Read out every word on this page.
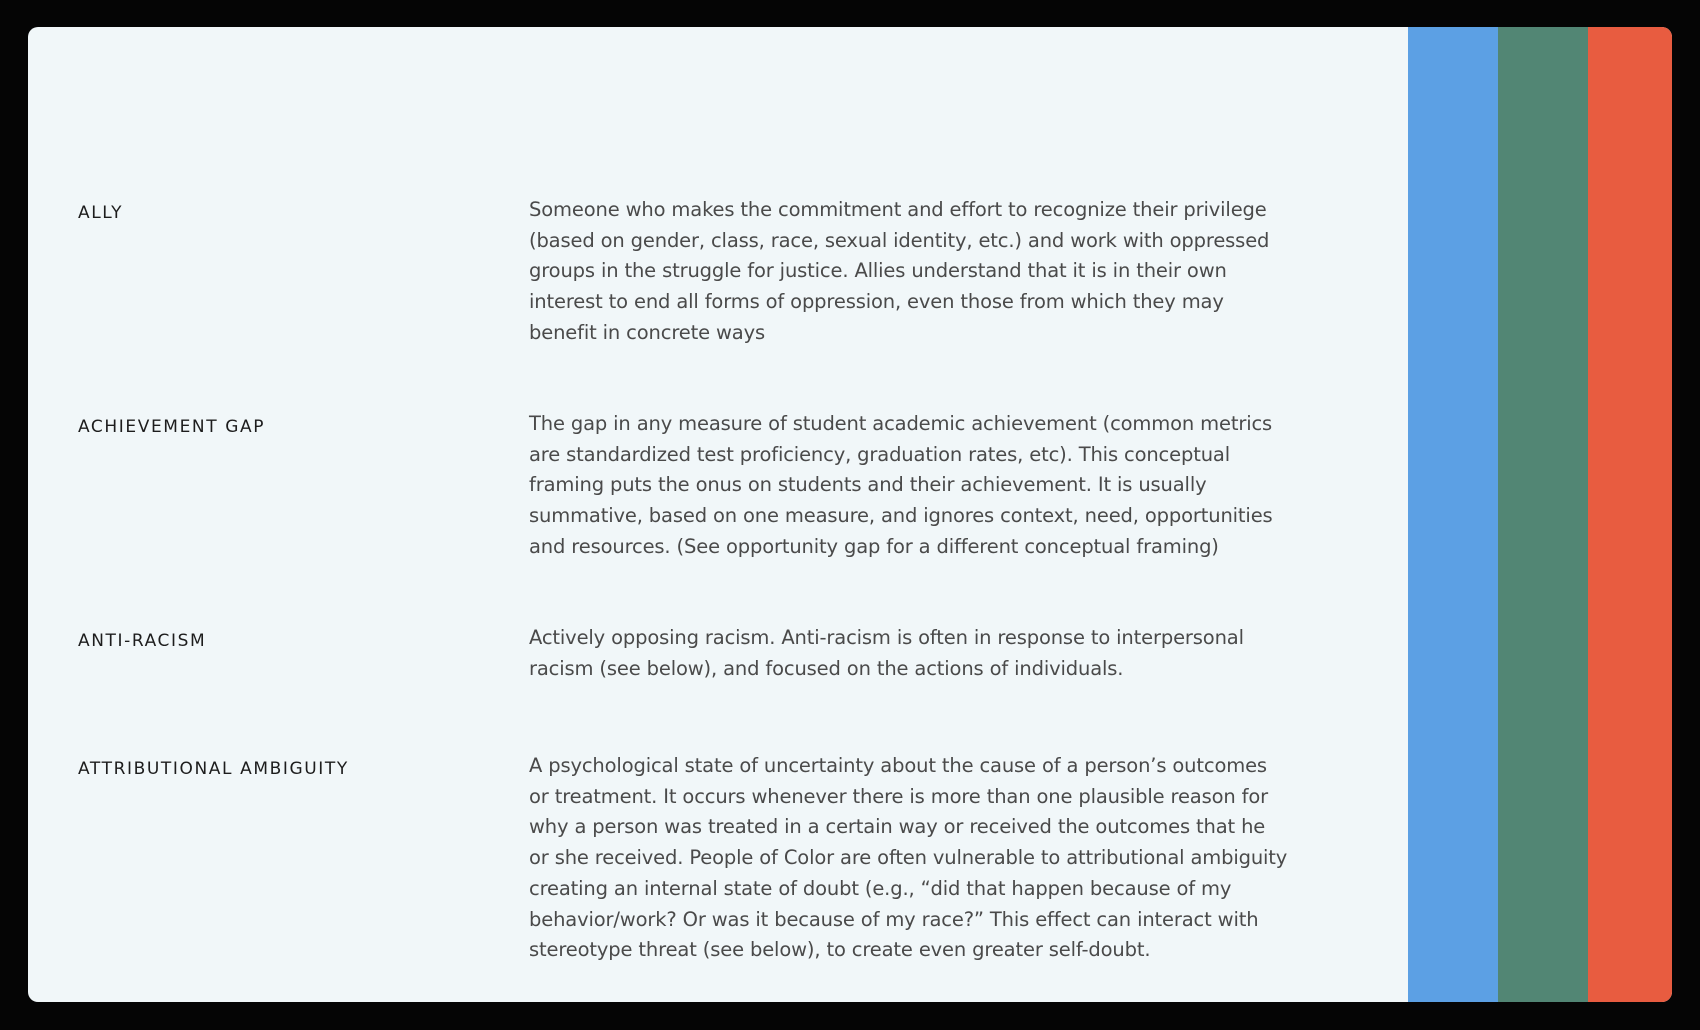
ALLY	Someone who makes the commitment and effort to recognize their privilege (based on gender, class, race, sexual identity, etc.) and work with oppressed groups in the struggle for justice. Allies understand that it is in their own interest to end all forms of oppression, even those from which they may benefit in concrete ways

ACHIEVEMENT GAP	The gap in any measure of student academic achievement (common metrics are standardized test proficiency, graduation rates, etc). This conceptual framing puts the onus on students and their achievement. It is usually summative, based on one measure, and ignores context, need, opportunities and resources. (See opportunity gap for a different conceptual framing)

ANTI-RACISM	Actively opposing racism. Anti-racism is often in response to interpersonal racism (see below), and focused on the actions of individuals.

ATTRIBUTIONAL AMBIGUITY	A psychological state of uncertainty about the cause of a person’s outcomes or treatment. It occurs whenever there is more than one plausible reason for why a person was treated in a certain way or received the outcomes that he or she received. People of Color are often vulnerable to attributional ambiguity creating an internal state of doubt (e.g., “did that happen because of my behavior/work? Or was it because of my race?” This effect can interact with stereotype threat (see below), to create even greater self-doubt.
